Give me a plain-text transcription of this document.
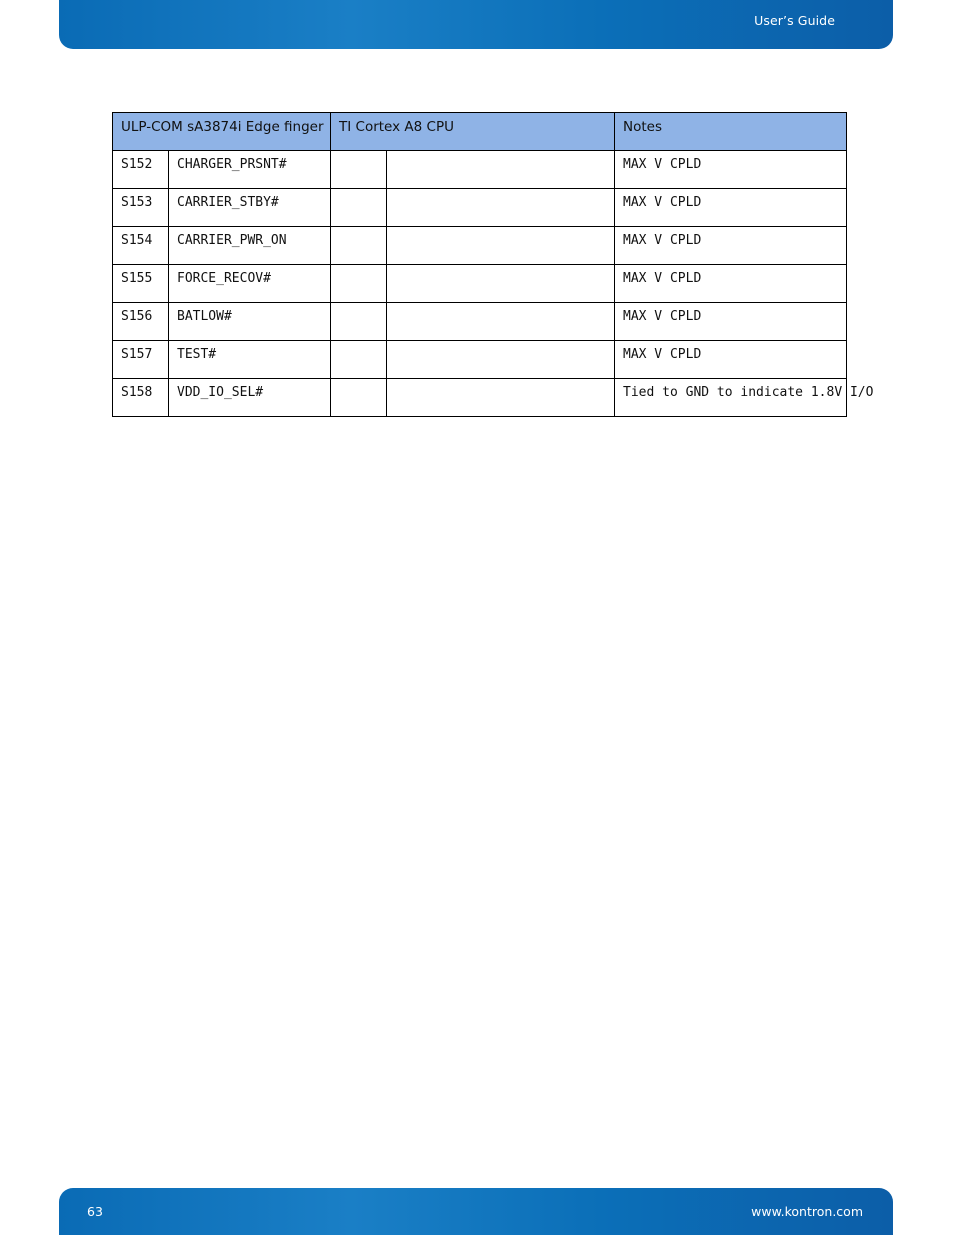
User’s Guide
ULP-COM sA3874i Edge finger		TI Cortex A8 CPU		Notes
S152	CHARGER_PRSNT#			MAX V CPLD
S153	CARRIER_STBY#			MAX V CPLD
S154	CARRIER_PWR_ON			MAX V CPLD
S155	FORCE_RECOV#			MAX V CPLD
S156	BATLOW#			MAX V CPLD
S157	TEST#			MAX V CPLD
S158	VDD_IO_SEL#			Tied to GND to indicate 1.8V I/O
63	www.kontron.com
